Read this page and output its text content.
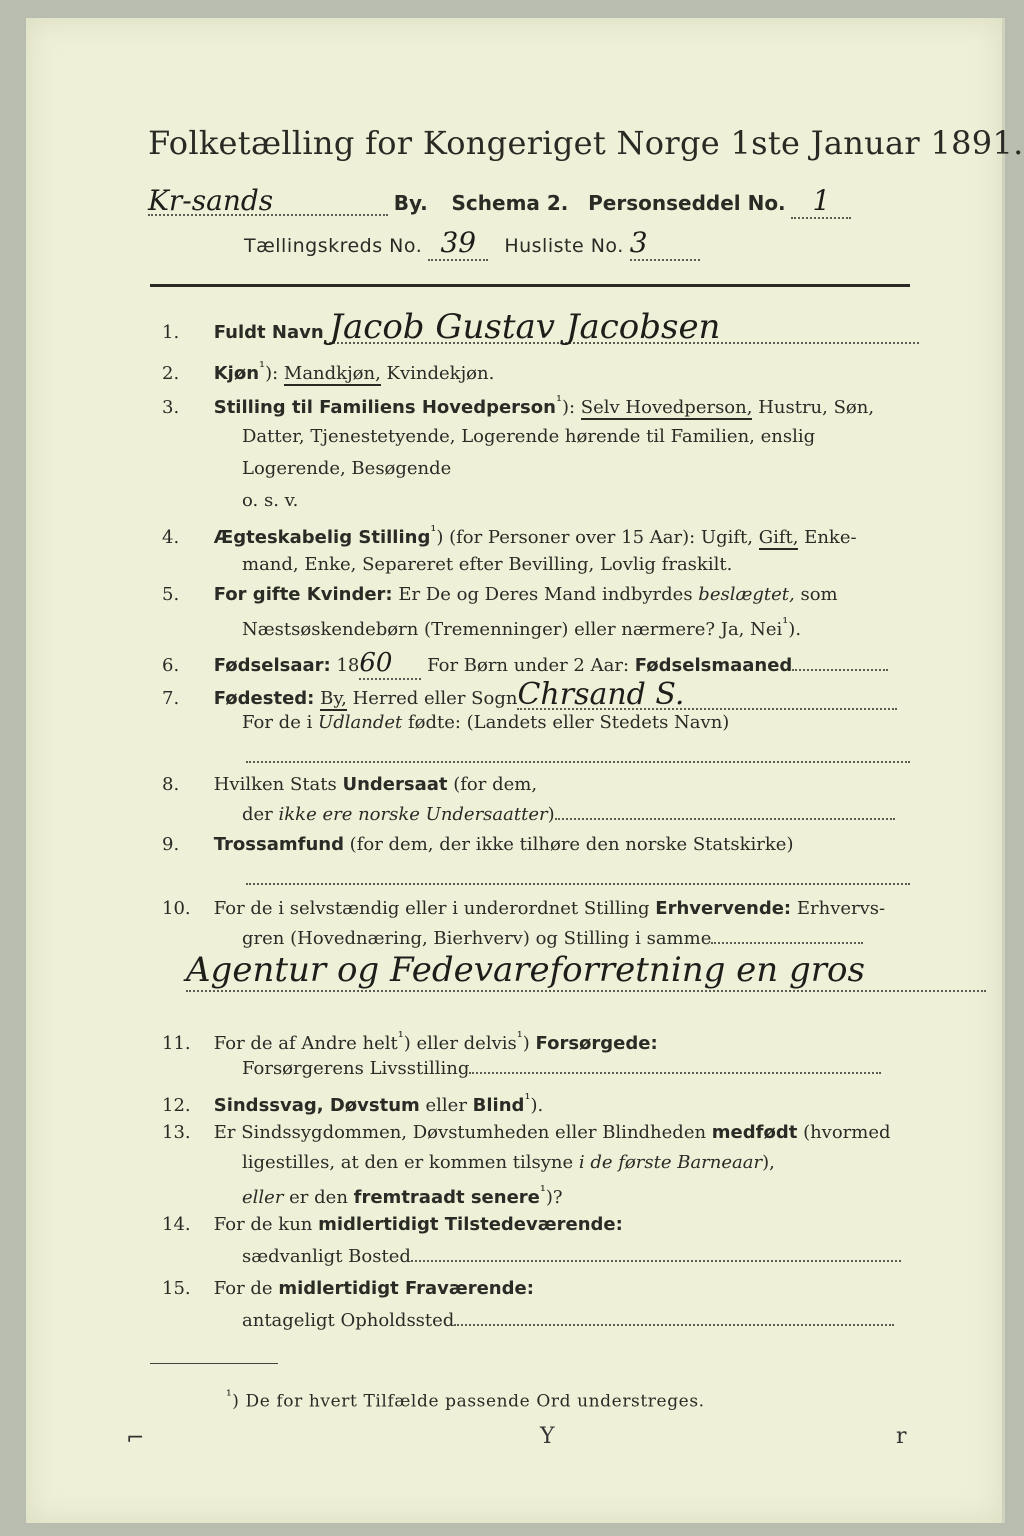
Folketælling for Kongeriget Norge 1ste Januar 1891.
Kr-sands	By. Schema 2. Personseddel No. 1
Tællingskreds No. 39 Husliste No. 3
1. Fuldt Navn Jacob Gustav Jacobsen
2. Kjøn$^{^1}$): Mandkjøn, Kvindekjøn.
3. Stilling til Familiens Hovedperson$^{^1}$): Selv Hovedperson, Hustru, Søn,
Datter, Tjenestetyende, Logerende hørende til Familien, enslig
Logerende, Besøgende
o. s. v.
4. Ægteskabelig Stilling$^{^1}$) (for Personer over 15 Aar): Ugift, Gift, Enke-
mand, Enke, Separeret efter Bevilling, Lovlig fraskilt.
5. For gifte Kvinder: Er De og Deres Mand indbyrdes beslægtet, som
Næstsøskendebørn (Tremenninger) eller nærmere? Ja, Nei$^{^1}$).
6. Fødselsaar: 1860 For Børn under 2 Aar: Fødselsmaaned
7. Fødested: By, Herred eller SognChrsand S.
For de i Udlandet fødte: (Landets eller Stedets Navn)
8. Hvilken Stats Undersaat (for dem,
der ikke ere norske Undersaatter)
9. Trossamfund (for dem, der ikke tilhøre den norske Statskirke)
10. For de i selvstændig eller i underordnet Stilling Erhvervende: Erhvervs-
gren (Hovednæring, Bierhverv) og Stilling i samme
Agentur og Fedevareforretning en gros
11. For de af Andre helt$^{^1}$) eller delvis$^{^1}$) Forsørgede:
Forsørgerens Livsstilling
12. Sindssvag, Døvstum eller Blind$^{^1}$).
13. Er Sindssygdommen, Døvstumheden eller Blindheden medfødt (hvormed
ligestilles, at den er kommen tilsyne i de første Barneaar),
eller er den fremtraadt senere$^{^1}$)?
14. For de kun midlertidigt Tilstedeværende:
sædvanligt Bosted
15. For de midlertidigt Fraværende:
antageligt Opholdssted
$^{^1}$) De for hvert Tilfælde passende Ord understreges.
⌐	Y	r
